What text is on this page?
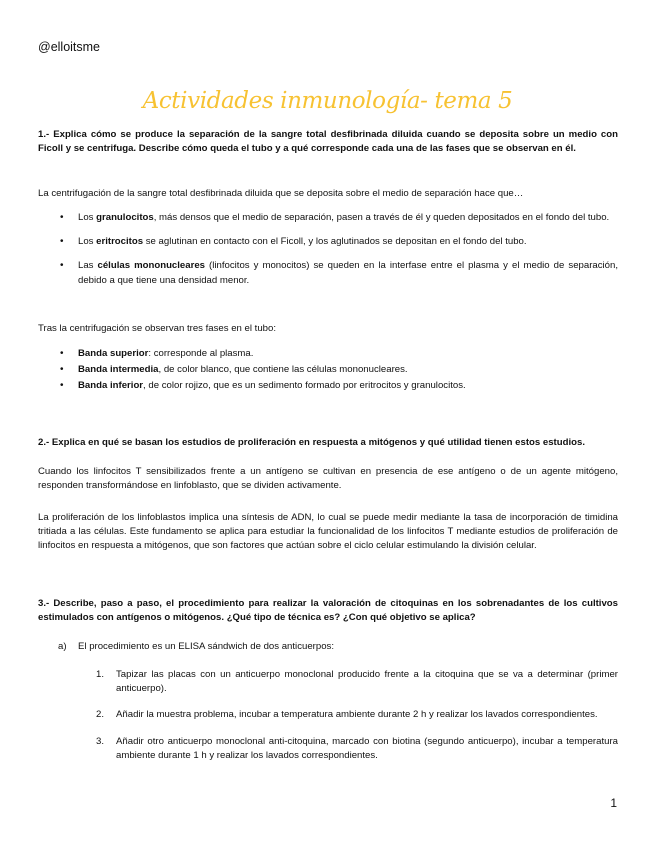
@elloitsme
Actividades inmunología- tema 5
1.- Explica cómo se produce la separación de la sangre total desfibrinada diluida cuando se deposita sobre un medio con Ficoll y se centrifuga. Describe cómo queda el tubo y a qué corresponde cada una de las fases que se observan en él.
La centrifugación de la sangre total desfibrinada diluida que se deposita sobre el medio de separación hace que…
• Los granulocitos, más densos que el medio de separación, pasen a través de él y queden depositados en el fondo del tubo.
• Los eritrocitos se aglutinan en contacto con el Ficoll, y los aglutinados se depositan en el fondo del tubo.
• Las células mononucleares (linfocitos y monocitos) se queden en la interfase entre el plasma y el medio de separación, debido a que tiene una densidad menor.
Tras la centrifugación se observan tres fases en el tubo:
• Banda superior: corresponde al plasma.
• Banda intermedia, de color blanco, que contiene las células mononucleares.
• Banda inferior, de color rojizo, que es un sedimento formado por eritrocitos y granulocitos.
2.- Explica en qué se basan los estudios de proliferación en respuesta a mitógenos y qué utilidad tienen estos estudios.
Cuando los linfocitos T sensibilizados frente a un antígeno se cultivan en presencia de ese antígeno o de un agente mitógeno, responden transformándose en linfoblasto, que se dividen activamente.
La proliferación de los linfoblastos implica una síntesis de ADN, lo cual se puede medir mediante la tasa de incorporación de timidina tritiada a las células. Este fundamento se aplica para estudiar la funcionalidad de los linfocitos T mediante estudios de proliferación de linfocitos en respuesta a mitógenos, que son factores que actúan sobre el ciclo celular estimulando la división celular.
3.- Describe, paso a paso, el procedimiento para realizar la valoración de citoquinas en los sobrenadantes de los cultivos estimulados con antígenos o mitógenos. ¿Qué tipo de técnica es? ¿Con qué objetivo se aplica?
a) El procedimiento es un ELISA sándwich de dos anticuerpos:
1. Tapizar las placas con un anticuerpo monoclonal producido frente a la citoquina que se va a determinar (primer anticuerpo).
2. Añadir la muestra problema, incubar a temperatura ambiente durante 2 h y realizar los lavados correspondientes.
3. Añadir otro anticuerpo monoclonal anti-citoquina, marcado con biotina (segundo anticuerpo), incubar a temperatura ambiente durante 1 h y realizar los lavados correspondientes.
1
